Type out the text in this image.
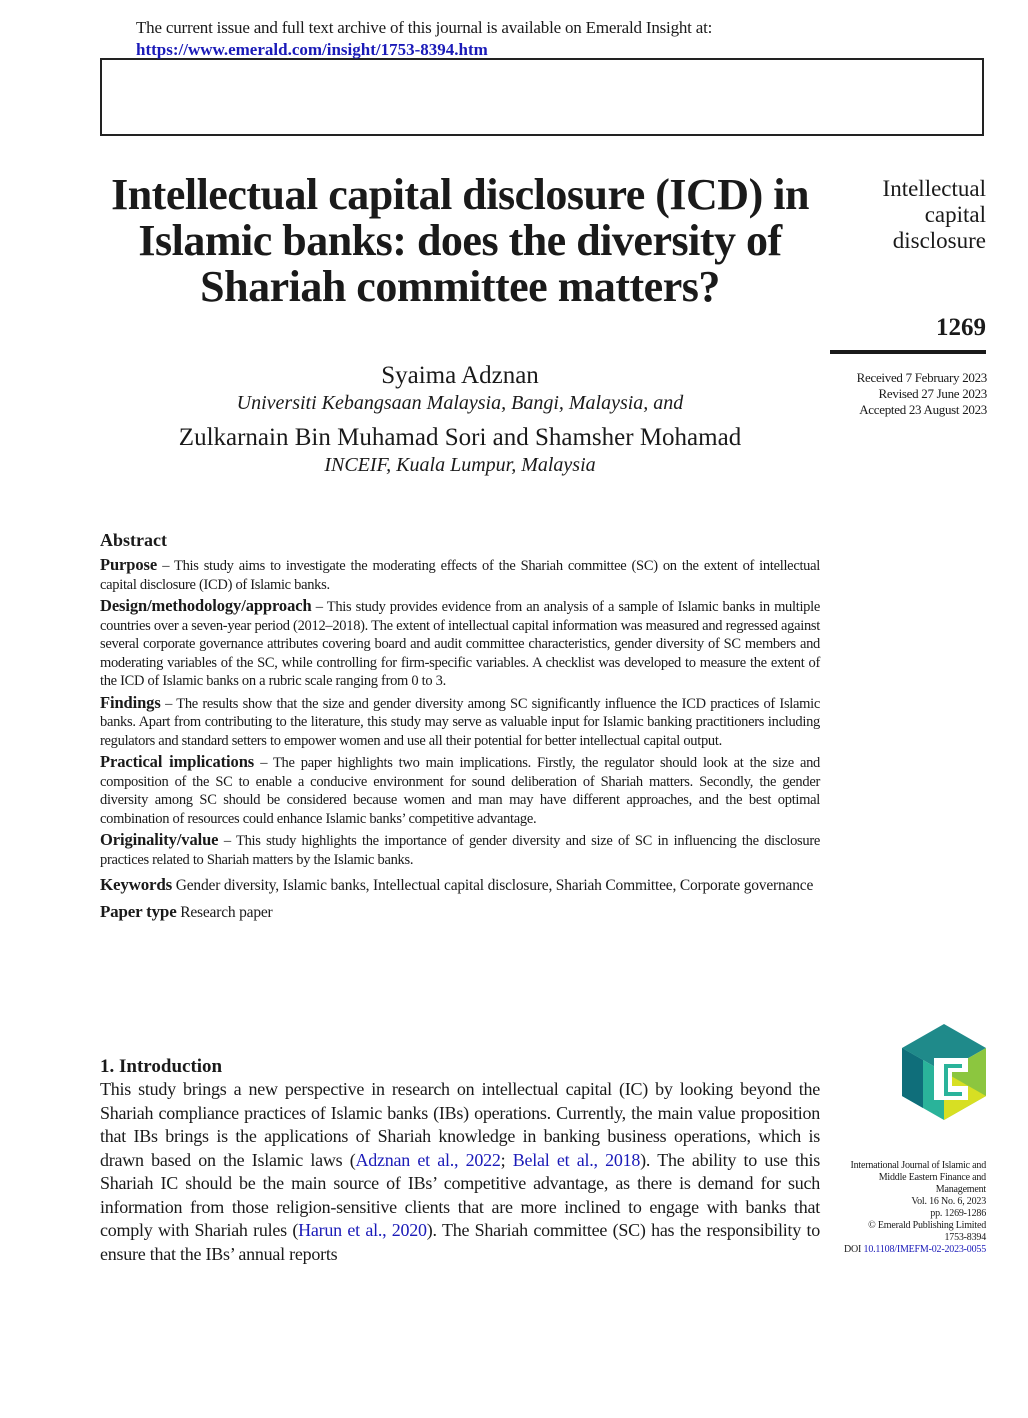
The current issue and full text archive of this journal is available on Emerald Insight at:
https://www.emerald.com/insight/1753-8394.htm
Intellectual capital disclosure (ICD) in Islamic banks: does the diversity of Shariah committee matters?
Syaima Adznan
Universiti Kebangsaan Malaysia, Bangi, Malaysia, and
Zulkarnain Bin Muhamad Sori and Shamsher Mohamad
INCEIF, Kuala Lumpur, Malaysia
Intellectual capital disclosure
1269
Received 7 February 2023
Revised 27 June 2023
Accepted 23 August 2023
Abstract

Purpose – This study aims to investigate the moderating effects of the Shariah committee (SC) on the extent of intellectual capital disclosure (ICD) of Islamic banks.

Design/methodology/approach – This study provides evidence from an analysis of a sample of Islamic banks in multiple countries over a seven-year period (2012–2018). The extent of intellectual capital information was measured and regressed against several corporate governance attributes covering board and audit committee characteristics, gender diversity of SC members and moderating variables of the SC, while controlling for firm-specific variables. A checklist was developed to measure the extent of the ICD of Islamic banks on a rubric scale ranging from 0 to 3.

Findings – The results show that the size and gender diversity among SC significantly influence the ICD practices of Islamic banks. Apart from contributing to the literature, this study may serve as valuable input for Islamic banking practitioners including regulators and standard setters to empower women and use all their potential for better intellectual capital output.

Practical implications – The paper highlights two main implications. Firstly, the regulator should look at the size and composition of the SC to enable a conducive environment for sound deliberation of Shariah matters. Secondly, the gender diversity among SC should be considered because women and man may have different approaches, and the best optimal combination of resources could enhance Islamic banks’ competitive advantage.

Originality/value – This study highlights the importance of gender diversity and size of SC in influencing the disclosure practices related to Shariah matters by the Islamic banks.

Keywords Gender diversity, Islamic banks, Intellectual capital disclosure, Shariah Committee, Corporate governance
Paper type Research paper
1. Introduction
This study brings a new perspective in research on intellectual capital (IC) by looking beyond the Shariah compliance practices of Islamic banks (IBs) operations. Currently, the main value proposition that IBs brings is the applications of Shariah knowledge in banking business operations, which is drawn based on the Islamic laws (Adznan et al., 2022; Belal et al., 2018). The ability to use this Shariah IC should be the main source of IBs’ competitive advantage, as there is demand for such information from those religion-sensitive clients that are more inclined to engage with banks that comply with Shariah rules (Harun et al., 2020). The Shariah committee (SC) has the responsibility to ensure that the IBs’ annual reports
International Journal of Islamic and Middle Eastern Finance and Management
Vol. 16 No. 6, 2023
pp. 1269-1286
© Emerald Publishing Limited
1753-8394
DOI 10.1108/IMEFM-02-2023-0055
